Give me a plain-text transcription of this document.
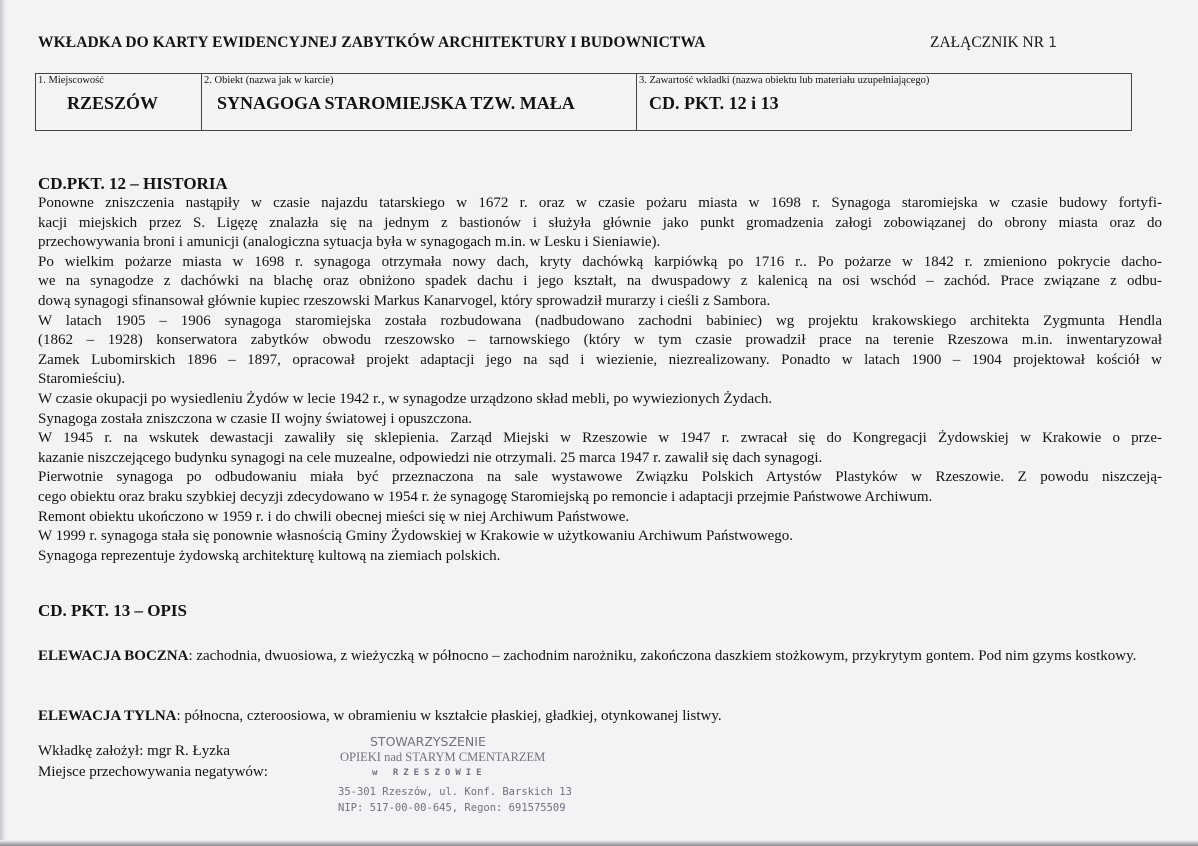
WKŁADKA DO KARTY EWIDENCYJNEJ ZABYTKÓW ARCHITEKTURY I BUDOWNICTWA	ZAŁĄCZNIK NR 1
1. Miejscowość
RZESZÓW
2. Obiekt (nazwa jak w karcie)
SYNAGOGA STAROMIEJSKA TZW. MAŁA
3. Zawartość wkładki (nazwa obiektu lub materiału uzupełniającego)
CD. PKT. 12 i 13
CD.PKT. 12 – HISTORIA
Ponowne zniszczenia nastąpiły w czasie najazdu tatarskiego w 1672 r. oraz w czasie pożaru miasta w 1698 r. Synagoga staromiejska w czasie budowy fortyfi-
kacji miejskich przez S. Ligęzę znalazła się na jednym z bastionów i służyła głównie jako punkt gromadzenia załogi zobowiązanej do obrony miasta oraz do
przechowywania broni i amunicji (analogiczna sytuacja była w synagogach m.in. w Lesku i Sieniawie).
Po wielkim pożarze miasta w 1698 r. synagoga otrzymała nowy dach, kryty dachówką karpiówką po 1716 r.. Po pożarze w 1842 r. zmieniono pokrycie dacho-
we na synagodze z dachówki na blachę oraz obniżono spadek dachu i jego kształt, na dwuspadowy z kalenicą na osi wschód – zachód. Prace związane z odbu-
dową synagogi sfinansował głównie kupiec rzeszowski Markus Kanarvogel, który sprowadził murarzy i cieśli z Sambora.
W latach 1905 – 1906 synagoga staromiejska została rozbudowana (nadbudowano zachodni babiniec) wg projektu krakowskiego architekta Zygmunta Hendla
(1862 – 1928) konserwatora zabytków obwodu rzeszowsko – tarnowskiego (który w tym czasie prowadził prace na terenie Rzeszowa m.in. inwentaryzował
Zamek Lubomirskich 1896 – 1897, opracował projekt adaptacji jego na sąd i wiezienie, niezrealizowany. Ponadto w latach 1900 – 1904 projektował kościół w
Staromieściu).
W czasie okupacji po wysiedleniu Żydów w lecie 1942 r., w synagodze urządzono skład mebli, po wywiezionych Żydach.
Synagoga została zniszczona w czasie II wojny światowej i opuszczona.
W 1945 r. na wskutek dewastacji zawaliły się sklepienia. Zarząd Miejski w Rzeszowie w 1947 r. zwracał się do Kongregacji Żydowskiej w Krakowie o prze-
kazanie niszczejącego budynku synagogi na cele muzealne, odpowiedzi nie otrzymali. 25 marca 1947 r. zawalił się dach synagogi.
Pierwotnie synagoga po odbudowaniu miała być przeznaczona na sale wystawowe Związku Polskich Artystów Plastyków w Rzeszowie. Z powodu niszczeją-
cego obiektu oraz braku szybkiej decyzji zdecydowano w 1954 r. że synagogę Staromiejską po remoncie i adaptacji przejmie Państwowe Archiwum.
Remont obiektu ukończono w 1959 r. i do chwili obecnej mieści się w niej Archiwum Państwowe.
W 1999 r. synagoga stała się ponownie własnością Gminy Żydowskiej w Krakowie w użytkowaniu Archiwum Państwowego.
Synagoga reprezentuje żydowską architekturę kultową na ziemiach polskich.
CD. PKT. 13 – OPIS
ELEWACJA BOCZNA: zachodnia, dwuosiowa, z wieżyczką w północno – zachodnim narożniku, zakończona daszkiem stożkowym, przykrytym gontem. Pod nim gzyms kostkowy.
ELEWACJA TYLNA: północna, czteroosiowa, w obramieniu w kształcie płaskiej, gładkiej, otynkowanej listwy.
Wkładkę założył: mgr R. Łyzka
Miejsce przechowywania negatywów:
STOWARZYSZENIE
OPIEKI nad STARYM CMENTARZEM
w RZESZOWIE
35-301 Rzeszów, ul. Konf. Barskich 13
NIP: 517-00-00-645, Regon: 691575509
